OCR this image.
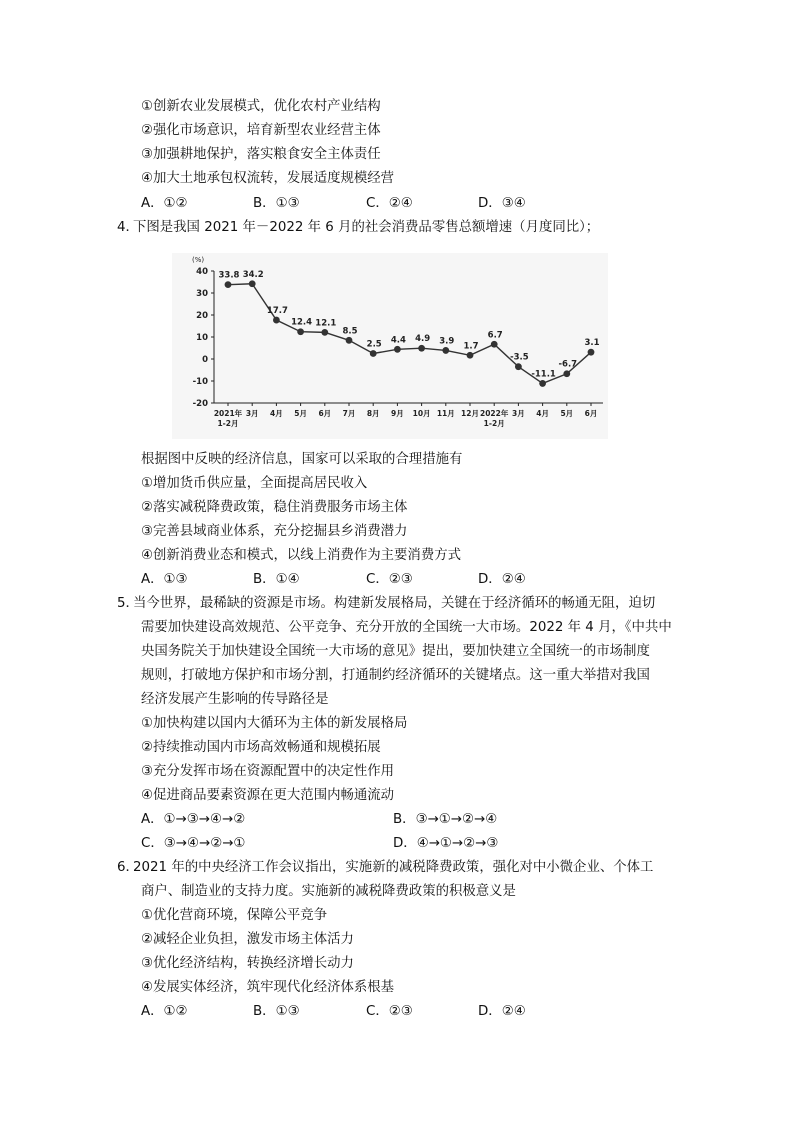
①创新农业发展模式，优化农村产业结构
②强化市场意识，培育新型农业经营主体
③加强耕地保护，落实粮食安全主体责任
④加大土地承包权流转，发展适度规模经营
A．①②	B．①③	C．②④	D．③④
4．
下图是我国 2021 年－2022 年 6 月的社会消费品零售总额增速（月度同比）；
(%)
33.8 34.2
17.7
12.4 12.1
8.5
2.5 4.4 4.9 3.9 1.7
6.7
-3.5
-11.1
-6.7
3.1
40
30
20
10
0
-10
-20
2021年
1-2月
3月 4月 5月 6月 7月 8月 9月 10月 11月 12月 2022年
1-2月
3月 4月 5月 6月
根据图中反映的经济信息，国家可以采取的合理措施有
①增加货币供应量，全面提高居民收入
②落实减税降费政策，稳住消费服务市场主体
③完善县域商业体系，充分挖掘县乡消费潜力
④创新消费业态和模式，以线上消费作为主要消费方式
A．①③	B．①④	C．②③	D．②④
5．
当今世界，最稀缺的资源是市场。构建新发展格局，关键在于经济循环的畅通无阻，迫切
需要加快建设高效规范、公平竞争、充分开放的全国统一大市场。2022 年 4 月，《中共中
央国务院关于加快建设全国统一大市场的意见》提出，要加快建立全国统一的市场制度
规则，打破地方保护和市场分割，打通制约经济循环的关键堵点。这一重大举措对我国
经济发展产生影响的传导路径是
①加快构建以国内大循环为主体的新发展格局
②持续推动国内市场高效畅通和规模拓展
③充分发挥市场在资源配置中的决定性作用
④促进商品要素资源在更大范围内畅通流动
A．①→③→④→②	B．③→①→②→④
C．③→④→②→①	D．④→①→②→③
6．
2021 年的中央经济工作会议指出，实施新的减税降费政策，强化对中小微企业、个体工
商户、制造业的支持力度。实施新的减税降费政策的积极意义是
①优化营商环境，保障公平竞争
②减轻企业负担，激发市场主体活力
③优化经济结构，转换经济增长动力
④发展实体经济，筑牢现代化经济体系根基
A．①②	B．①③	C．②③	D．②④
